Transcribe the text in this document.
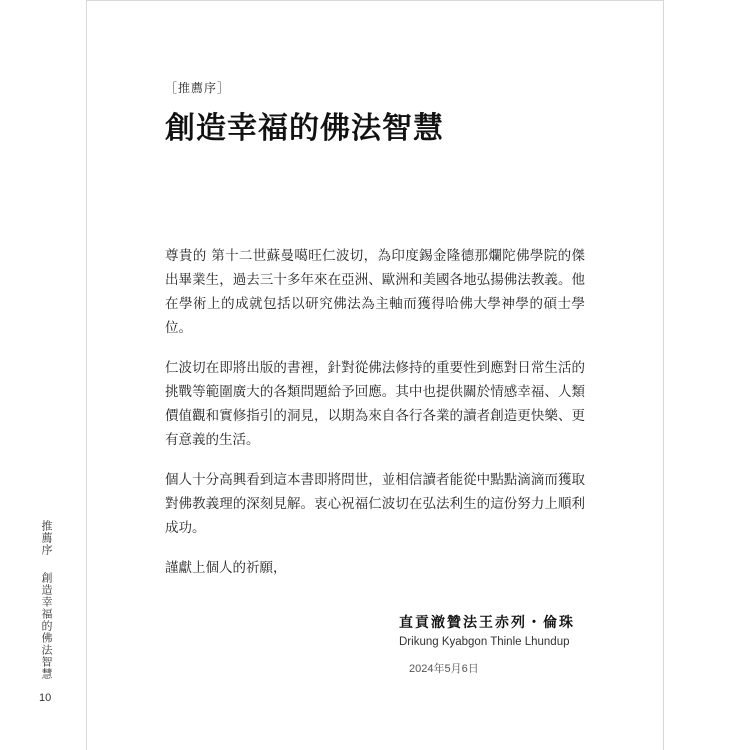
［推薦序］
創造幸福的佛法智慧

尊貴的 第十二世蘇曼噶旺仁波切，為印度錫金隆德那爛陀佛學院的傑出畢業生，過去三十多年來在亞洲、歐洲和美國各地弘揚佛法教義。他在學術上的成就包括以研究佛法為主軸而獲得哈佛大學神學的碩士學位。

仁波切在即將出版的書裡，針對從佛法修持的重要性到應對日常生活的挑戰等範圍廣大的各類問題給予回應。其中也提供關於情感幸福、人類價值觀和實修指引的洞見，以期為來自各行各業的讀者創造更快樂、更有意義的生活。

個人十分高興看到這本書即將問世，並相信讀者能從中點點滴滴而獲取對佛教義理的深刻見解。衷心祝福仁波切在弘法利生的這份努力上順利成功。

謹獻上個人的祈願，

直貢澈贊法王赤列・倫珠
Drikung Kyabgon Thinle Lhundup
2024年5月6日
推薦序
創造幸福的佛法智慧
10
